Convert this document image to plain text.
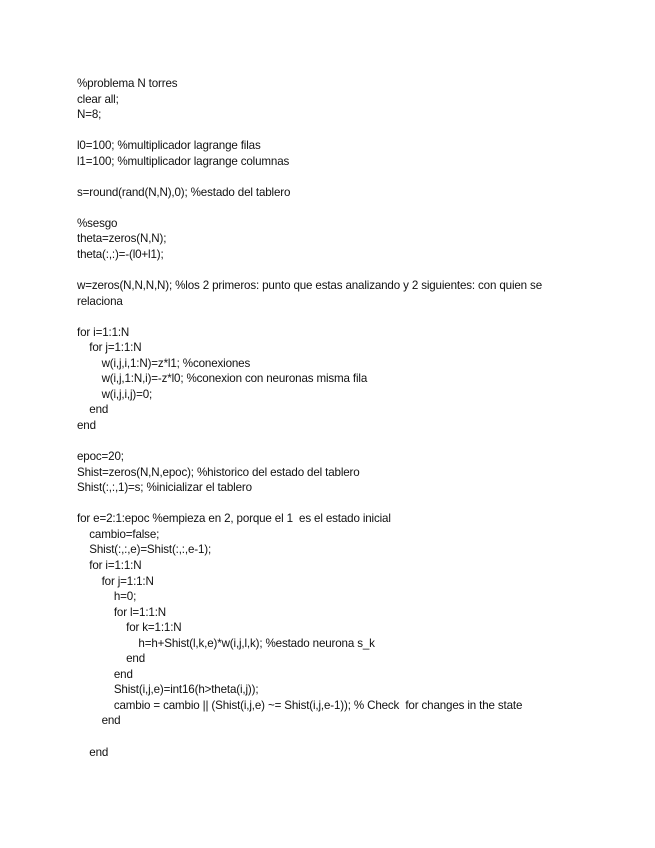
%problema N torres
clear all;
N=8;
l0=100; %multiplicador lagrange filas
l1=100; %multiplicador lagrange columnas
s=round(rand(N,N),0); %estado del tablero
%sesgo
theta=zeros(N,N);
theta(:,:)=-(l0+l1);
w=zeros(N,N,N,N); %los 2 primeros: punto que estas analizando y 2 siguientes: con quien se relaciona
for i=1:1:N
for j=1:1:N
w(i,j,i,1:N)=z*l1; %conexiones
w(i,j,1:N,i)=-z*l0; %conexion con neuronas misma fila
w(i,j,i,j)=0;
end
end
epoc=20;
Shist=zeros(N,N,epoc); %historico del estado del tablero
Shist(:,:,1)=s; %inicializar el tablero
for e=2:1:epoc %empieza en 2, porque el 1  es el estado inicial
cambio=false;
Shist(:,:,e)=Shist(:,:,e-1);
for i=1:1:N
for j=1:1:N
h=0;
for l=1:1:N
for k=1:1:N
h=h+Shist(l,k,e)*w(i,j,l,k); %estado neurona s_k
end
end
Shist(i,j,e)=int16(h>theta(i,j));
cambio = cambio || (Shist(i,j,e) ~= Shist(i,j,e-1)); % Check  for changes in the state
end
end
